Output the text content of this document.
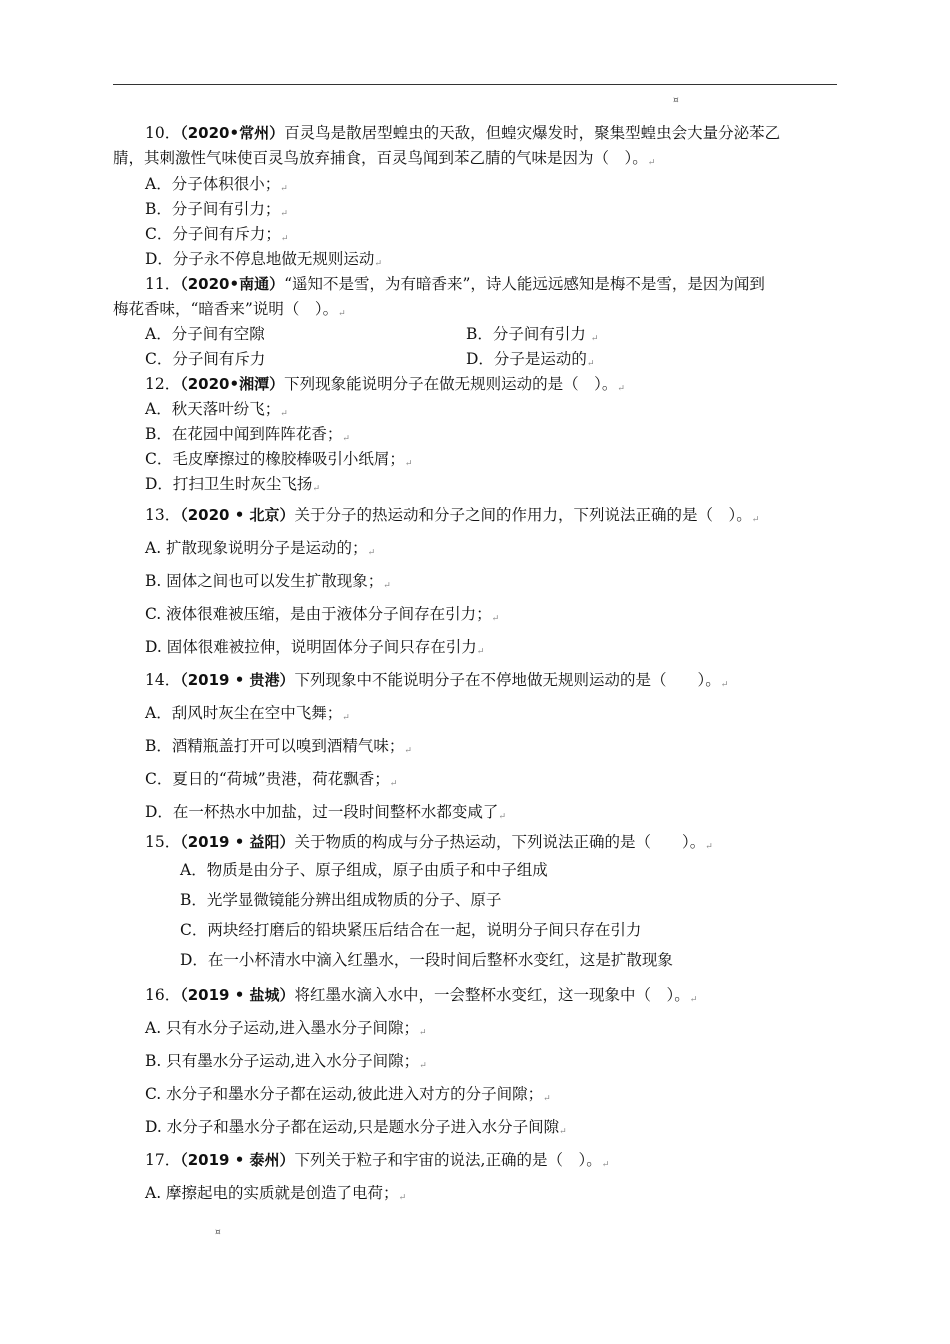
¤
10．（2020•常州）百灵鸟是散居型蝗虫的天敌，但蝗灾爆发时，聚集型蝗虫会大量分泌苯乙
腈，其刺激性气味使百灵鸟放弃捕食，百灵鸟闻到苯乙腈的气味是因为（　）。↵
A．分子体积很小；↵
B．分子间有引力；↵
C．分子间有斥力；↵
D．分子永不停息地做无规则运动↵
11．（2020•南通）“遥知不是雪，为有暗香来”，诗人能远远感知是梅不是雪，是因为闻到
梅花香味，“暗香来”说明（　）。↵
A．分子间有空隙	B．分子间有引力 ↵
C．分子间有斥力	D．分子是运动的↵
12．（2020•湘潭）下列现象能说明分子在做无规则运动的是（　）。↵
A．秋天落叶纷飞；↵
B．在花园中闻到阵阵花香；↵
C．毛皮摩擦过的橡胶棒吸引小纸屑；↵
D．打扫卫生时灰尘飞扬↵
13．（2020 • 北京）关于分子的热运动和分子之间的作用力，下列说法正确的是（　）。↵
A. 扩散现象说明分子是运动的；↵
B. 固体之间也可以发生扩散现象；↵
C. 液体很难被压缩，是由于液体分子间存在引力；↵
D. 固体很难被拉伸，说明固体分子间只存在引力↵
14．（2019 • 贵港）下列现象中不能说明分子在不停地做无规则运动的是（　　）。↵
A．刮风时灰尘在空中飞舞；↵
B．酒精瓶盖打开可以嗅到酒精气味；↵
C．夏日的“荷城”贵港，荷花飘香；↵
D．在一杯热水中加盐，过一段时间整杯水都变咸了↵
15．（2019 • 益阳）关于物质的构成与分子热运动，下列说法正确的是（　　）。↵
A．物质是由分子、原子组成，原子由质子和中子组成
B．光学显微镜能分辨出组成物质的分子、原子
C．两块经打磨后的铅块紧压后结合在一起，说明分子间只存在引力
D．在一小杯清水中滴入红墨水，一段时间后整杯水变红，这是扩散现象
16．（2019 • 盐城）将红墨水滴入水中，一会整杯水变红，这一现象中（　）。↵
A. 只有水分子运动,进入墨水分子间隙；↵
B. 只有墨水分子运动,进入水分子间隙；↵
C. 水分子和墨水分子都在运动,彼此进入对方的分子间隙；↵
D. 水分子和墨水分子都在运动,只是题水分子进入水分子间隙↵
17．（2019 • 泰州）下列关于粒子和宇宙的说法,正确的是（　）。↵
A. 摩擦起电的实质就是创造了电荷；↵
¤
